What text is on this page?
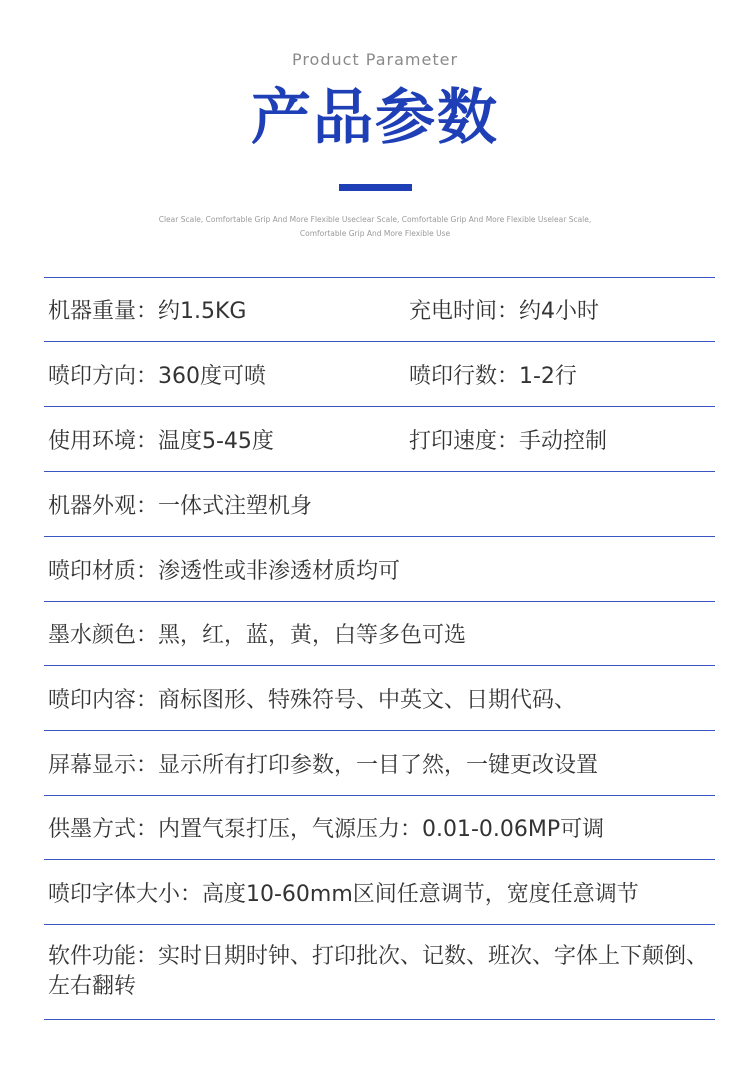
Product Parameter
产品参数
Clear Scale, Comfortable Grip And More Flexible Useclear Scale, Comfortable Grip And More Flexible Uselear Scale, Comfortable Grip And More Flexible Use
机器重量：约1.5KG	充电时间：约4小时
喷印方向：360度可喷	喷印行数：1-2行
使用环境：温度5-45度	打印速度：手动控制
机器外观：一体式注塑机身
喷印材质：渗透性或非渗透材质均可
墨水颜色：黑，红，蓝，黄，白等多色可选
喷印内容：商标图形、特殊符号、中英文、日期代码、
屏幕显示：显示所有打印参数，一目了然，一键更改设置
供墨方式：内置气泵打压，气源压力：0.01-0.06MP可调
喷印字体大小：高度10-60mm区间任意调节，宽度任意调节
软件功能：实时日期时钟、打印批次、记数、班次、字体上下颠倒、左右翻转
